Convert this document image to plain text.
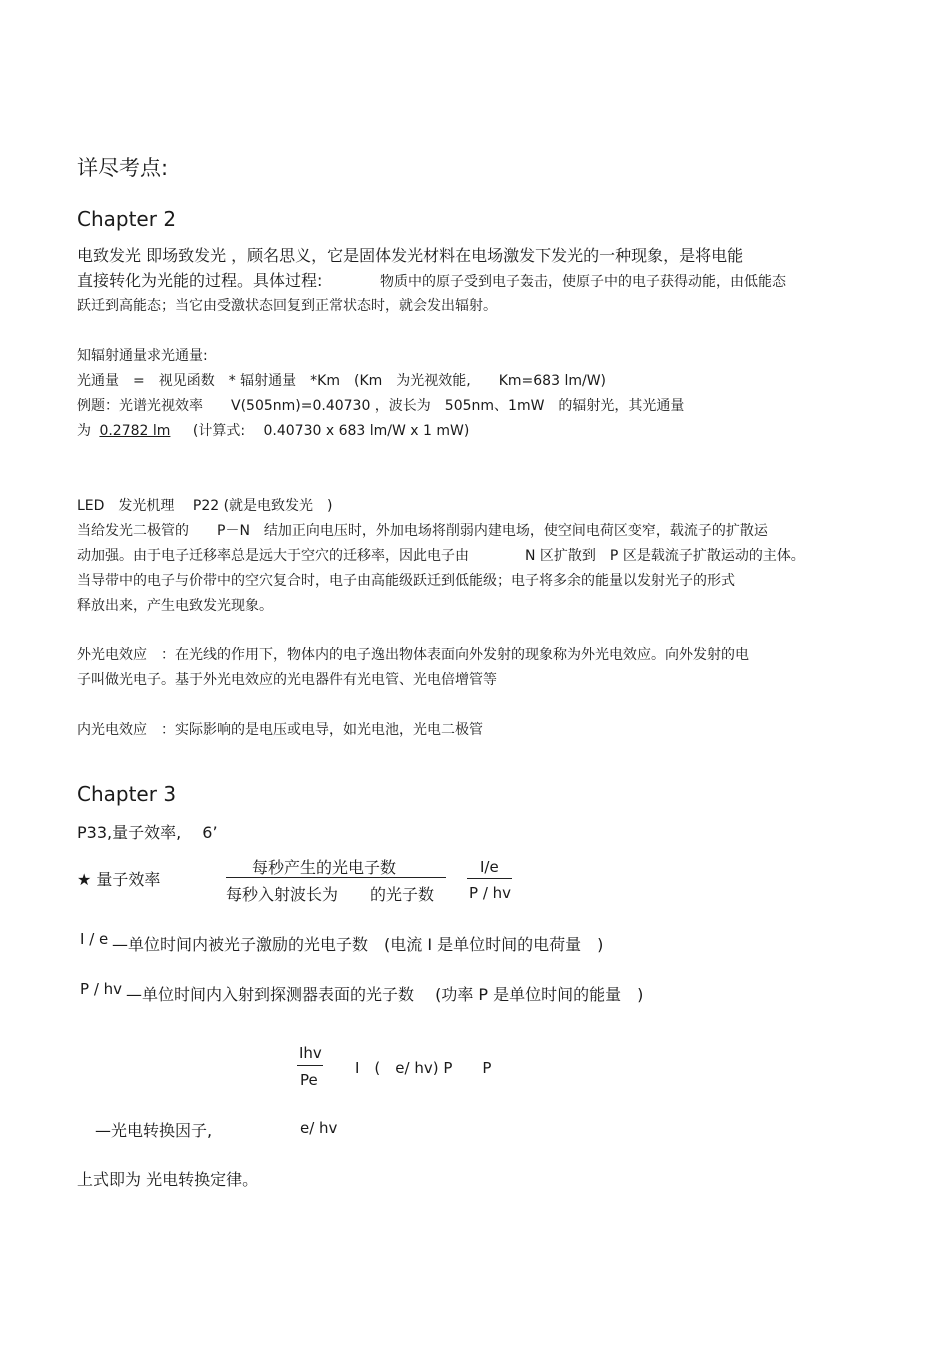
详尽考点:
Chapter 2
电致发光 即场致发光 ，顾名思义，它是固体发光材料在电场激发下发光的一种现象，是将电能
直接转化为光能的过程。具体过程:	物质中的原子受到电子轰击，使原子中的电子获得动能，由低能态
跃迁到高能态；当它由受激状态回复到正常状态时，就会发出辐射。
知辐射通量求光通量:
光通量　=　视见函数　* 辐射通量　*Km　(Km　为光视效能,　　Km=683 lm/W)
例题：光谱光视效率　　V(505nm)=0.40730 ，波长为　505nm、1mW　的辐射光，其光通量
为 0.2782 lm (计算式:　 0.40730 x 683 lm/W x 1 mW)
LED　发光机理　 P22 (就是电致发光　)
当给发光二极管的　　P－N　结加正向电压时，外加电场将削弱内建电场，使空间电荷区变窄，载流子的扩散运
动加强。由于电子迁移率总是远大于空穴的迁移率，因此电子由　　　　N 区扩散到　P 区是载流子扩散运动的主体。
当导带中的电子与价带中的空穴复合时，电子由高能级跃迁到低能级；电子将多余的能量以发射光子的形式
释放出来，产生电致发光现象。
外光电效应　：在光线的作用下，物体内的电子逸出物体表面向外发射的现象称为外光电效应。向外发射的电
子叫做光电子。基于外光电效应的光电器件有光电管、光电倍增管等
内光电效应　：实际影响的是电压或电导，如光电池，光电二极管
Chapter 3
P33,量子效率,　 6’
★ 量子效率
每秒产生的光电子数
每秒入射波长为　　的光子数
I/e
P / hv
I / e —单位时间内被光子激励的光电子数　(电流 I 是单位时间的电荷量　)
P / hv —单位时间内入射到探测器表面的光子数　 (功率 P 是单位时间的能量　)
Ihv
Pe
I　(　e/ hv) P　　P
—光电转换因子,	e/ hv
上式即为 光电转换定律。
